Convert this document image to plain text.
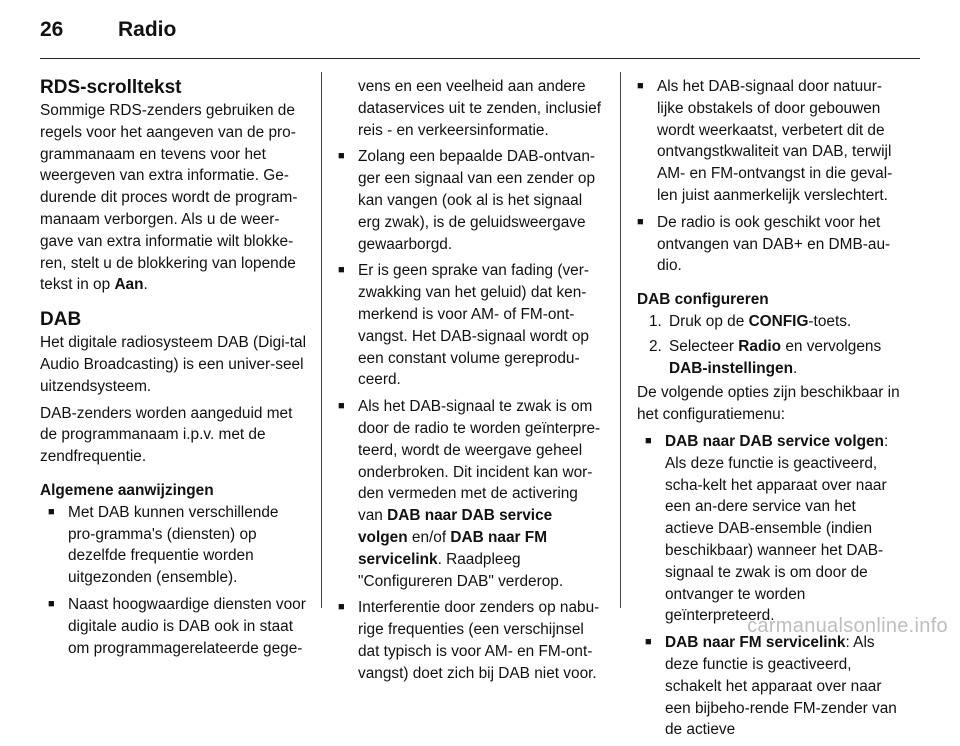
26	Radio
RDS-scrolltekst

Sommige RDS-zenders gebruiken de regels voor het aangeven van de pro-grammanaam en tevens voor het weergeven van extra informatie. Ge-durende dit proces wordt de program-manaam verborgen. Als u de weer-gave van extra informatie wilt blokke-ren, stelt u de blokkering van lopende tekst in op Aan.

DAB

Het digitale radiosysteem DAB (Digi-tal Audio Broadcasting) is een univer-seel uitzendsysteem.

DAB-zenders worden aangeduid met de programmanaam i.p.v. met de zendfrequentie.

Algemene aanwijzingen
■ Met DAB kunnen verschillende pro-gramma's (diensten) op dezelfde frequentie worden uitgezonden (ensemble).
■ Naast hoogwaardige diensten voor digitale audio is DAB ook in staat om programmagerelateerde gege-

vens en een veelheid aan andere dataservices uit te zenden, inclusief reis - en verkeersinformatie.

■ Zolang een bepaalde DAB-ontvan-ger een signaal van een zender op kan vangen (ook al is het signaal erg zwak), is de geluidsweergave gewaarborgd.
■ Er is geen sprake van fading (ver-zwakking van het geluid) dat ken-merkend is voor AM- of FM-ont-vangst. Het DAB-signaal wordt op een constant volume gereprodu-ceerd.
■ Als het DAB-signaal te zwak is om door de radio te worden geïnterpre-teerd, wordt de weergave geheel onderbroken. Dit incident kan wor-den vermeden met de activering van DAB naar DAB service volgen en/of DAB naar FM servicelink. Raadpleeg "Configureren DAB" verderop.
■ Interferentie door zenders op nabu-rige frequenties (een verschijnsel dat typisch is voor AM- en FM-ont-vangst) doet zich bij DAB niet voor.
■ Als het DAB-signaal door natuur-lijke obstakels of door gebouwen wordt weerkaatst, verbetert dit de ontvangstkwaliteit van DAB, terwijl AM- en FM-ontvangst in die geval-len juist aanmerkelijk verslechtert.
■ De radio is ook geschikt voor het ontvangen van DAB+ en DMB-au-dio.
DAB configureren
1. Druk op de CONFIG-toets.
2. Selecteer Radio en vervolgens DAB-instellingen.

De volgende opties zijn beschikbaar in het configuratiemenu:

■ DAB naar DAB service volgen: Als deze functie is geactiveerd, scha-kelt het apparaat over naar een an-dere service van het actieve DAB-ensemble (indien beschikbaar) wanneer het DAB-signaal te zwak is om door de ontvanger te worden geïnterpreteerd.
■ DAB naar FM servicelink: Als deze functie is geactiveerd, schakelt het apparaat over naar een bijbeho-rende FM-zender van de actieve
carmanualsonline.info
